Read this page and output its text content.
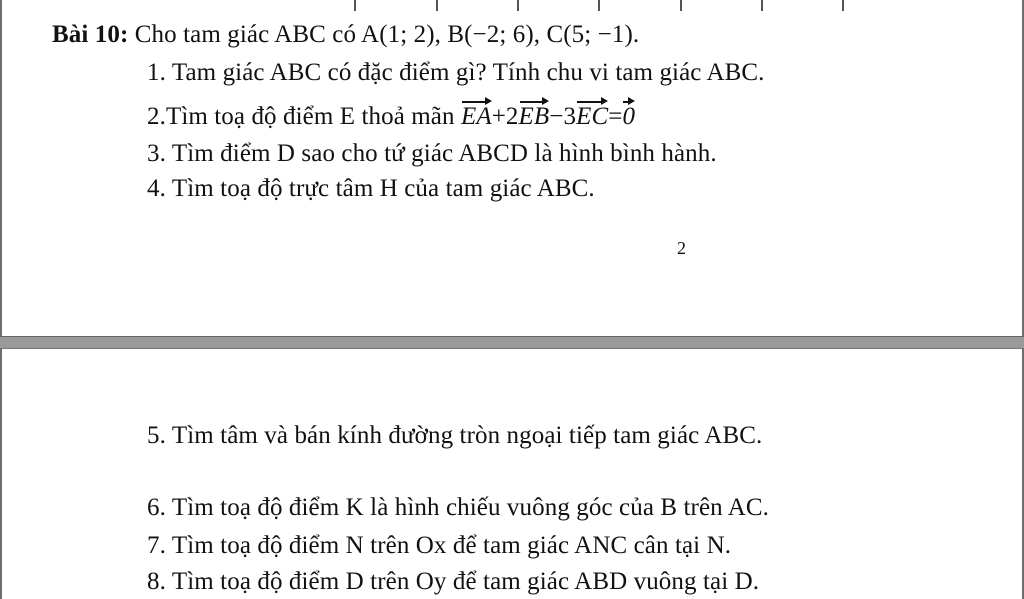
Bài 10: Cho tam giác ABC có A(1; 2), B(−2; 6), C(5; −1).
1. Tam giác ABC có đặc điểm gì? Tính chu vi tam giác ABC.
2.Tìm toạ độ điểm E thoả mãn EA+2EB−3EC=0
3. Tìm điểm D sao cho tứ giác ABCD là hình bình hành.
4. Tìm toạ độ trực tâm H của tam giác ABC.
2
5. Tìm tâm và bán kính đường tròn ngoại tiếp tam giác ABC.
6. Tìm toạ độ điểm K là hình chiếu vuông góc của B trên AC.
7. Tìm toạ độ điểm N trên Ox để tam giác ANC cân tại N.
8. Tìm toạ độ điểm D trên Oy để tam giác ABD vuông tại D.
